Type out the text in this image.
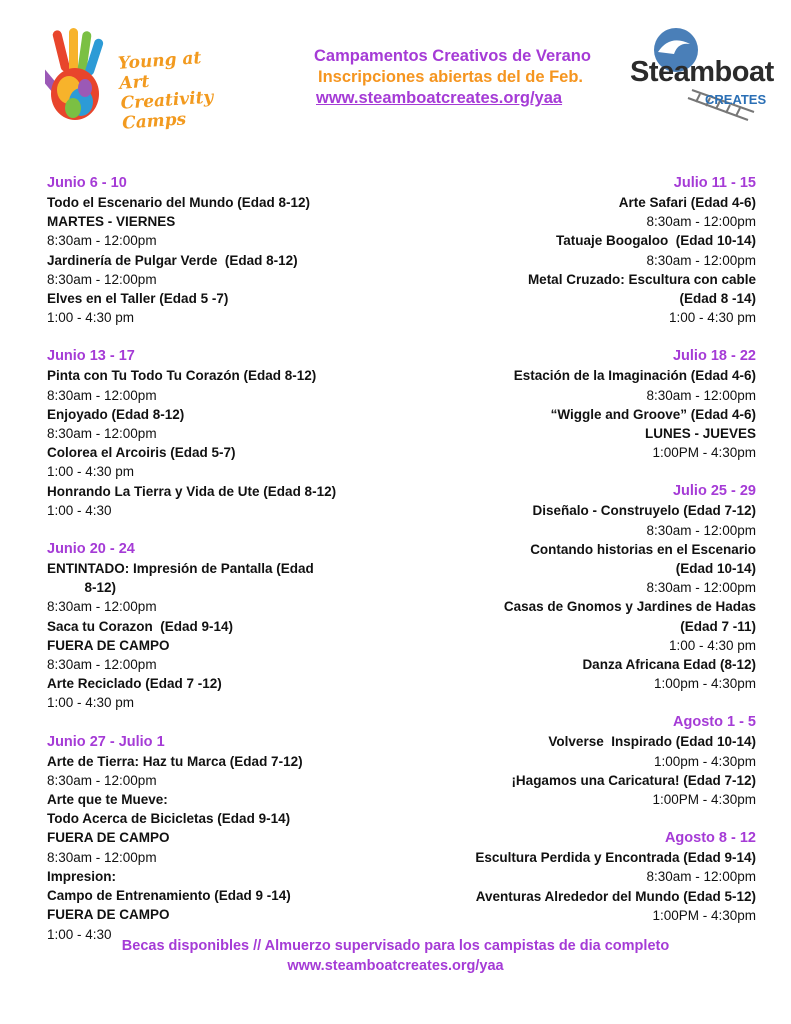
Young at Art Creativity Camps
Campamentos Creativos de Verano
Inscripciones abiertas del de Feb.
www.steamboatcreates.org/yaa
Steamboat
CREATES
Junio 6 - 10
Todo el Escenario del Mundo (Edad 8-12)
MARTES - VIERNES
8:30am - 12:00pm
Jardinería de Pulgar Verde  (Edad 8-12)
8:30am - 12:00pm
Elves en el Taller (Edad 5 -7)
1:00 - 4:30 pm
Junio 13 - 17
Pinta con Tu Todo Tu Corazón (Edad 8-12)
8:30am - 12:00pm
Enjoyado (Edad 8-12)
8:30am - 12:00pm
Colorea el Arcoiris (Edad 5-7)
1:00 - 4:30 pm
Honrando La Tierra y Vida de Ute (Edad 8-12)
1:00 - 4:30
Junio 20 - 24
ENTINTADO: Impresión de Pantalla (Edad
8-12)
8:30am - 12:00pm
Saca tu Corazon  (Edad 9-14)
FUERA DE CAMPO
8:30am - 12:00pm
Arte Reciclado (Edad 7 -12)
1:00 - 4:30 pm
Junio 27 - Julio 1
Arte de Tierra: Haz tu Marca (Edad 7-12)
8:30am - 12:00pm
Arte que te Mueve:
Todo Acerca de Bicicletas (Edad 9-14)
FUERA DE CAMPO
8:30am - 12:00pm
Impresion:
Campo de Entrenamiento (Edad 9 -14)
FUERA DE CAMPO
1:00 - 4:30
Julio 11 - 15
Arte Safari (Edad 4-6)
8:30am - 12:00pm
Tatuaje Boogaloo  (Edad 10-14)
8:30am - 12:00pm
Metal Cruzado: Escultura con cable
(Edad 8 -14)
1:00 - 4:30 pm
Julio 18 - 22
Estación de la Imaginación (Edad 4-6)
8:30am - 12:00pm
“Wiggle and Groove” (Edad 4-6)
LUNES - JUEVES
1:00PM - 4:30pm
Julio 25 - 29
Diseñalo - Construyelo (Edad 7-12)
8:30am - 12:00pm
Contando historias en el Escenario
(Edad 10-14)
8:30am - 12:00pm
Casas de Gnomos y Jardines de Hadas
(Edad 7 -11)
1:00 - 4:30 pm
Danza Africana Edad (8-12)
1:00pm - 4:30pm
Agosto 1 - 5
Volverse  Inspirado (Edad 10-14)
1:00pm - 4:30pm
¡Hagamos una Caricatura! (Edad 7-12)
1:00PM - 4:30pm
Agosto 8 - 12
Escultura Perdida y Encontrada (Edad 9-14)
8:30am - 12:00pm
Aventuras Alrededor del Mundo (Edad 5-12)
1:00PM - 4:30pm
Becas disponibles // Almuerzo supervisado para los campistas de dia completo
www.steamboatcreates.org/yaa
